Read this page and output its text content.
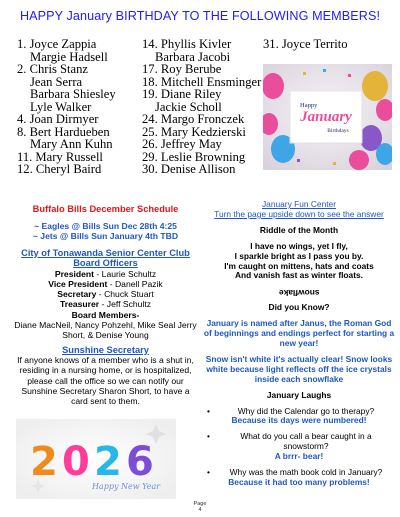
HAPPY January BIRTHDAY TO THE FOLLOWING MEMBERS!
1. Joyce Zappia
Margie Hadsell
2. Chris Stanz
Jean Serra
Barbara Shiesley
Lyle Walker
4. Joan Dirmyer
8. Bert Hardueben
Mary Ann Kuhn
11. Mary Russell
12. Cheryl Baird
14. Phyllis Kivler
Barbara Jacobi
17. Roy Berube
18. Mitchell Ensminger
19. Diane Riley
Jackie Scholl
24. Margo Fronczek
25. Mary Kedzierski
26. Jeffrey May
29. Leslie Browning
30. Denise Allison
31. Joyce Territo
Happy
January
Birthdays
Buffalo Bills December Schedule
~ Eagles @ Bills Sun Dec 28th 4:25
~ Jets @ Bills Sun January 4th TBD
City of Tonawanda Senior Center Club Board Officers
President - Laurie Schultz
Vice President - Danell Pazik
Secretary - Chuck Stuart
Treasurer - Jeff Schultz
Board Members-
Diane MacNeil, Nancy Pohzehl, Mike Seal Jerry Short, & Denise Young
Sunshine Secretary
If anyone knows of a member who is a shut in, residing in a nursing home, or is hospitalized, please call the office so we can notify our Sunshine Secretary Sharon Short, to have a card sent to them.
2 0 2 6
Happy New Year
January Fun Center
Turn the page upside down to see the answer
Riddle of the Month
I have no wings, yet I fly,
I sparkle bright as I pass you by.
I'm caught on mittens, hats and coats
And vanish fast as winter floats.
snowflake
Did you Know?
January is named after Janus, the Roman God of beginnings and endings perfect for starting a new year!
Snow isn't white it's actually clear! Snow looks white because light reflects off the ice crystals inside each snowflake
January Laughs
• Why did the Calendar go to therapy?
Because its days were numbered!
• What do you call a bear caught in a snowstorm?
A brrr- bear!
• Why was the math book cold in January?
Because it had too many problems!
Page
4
